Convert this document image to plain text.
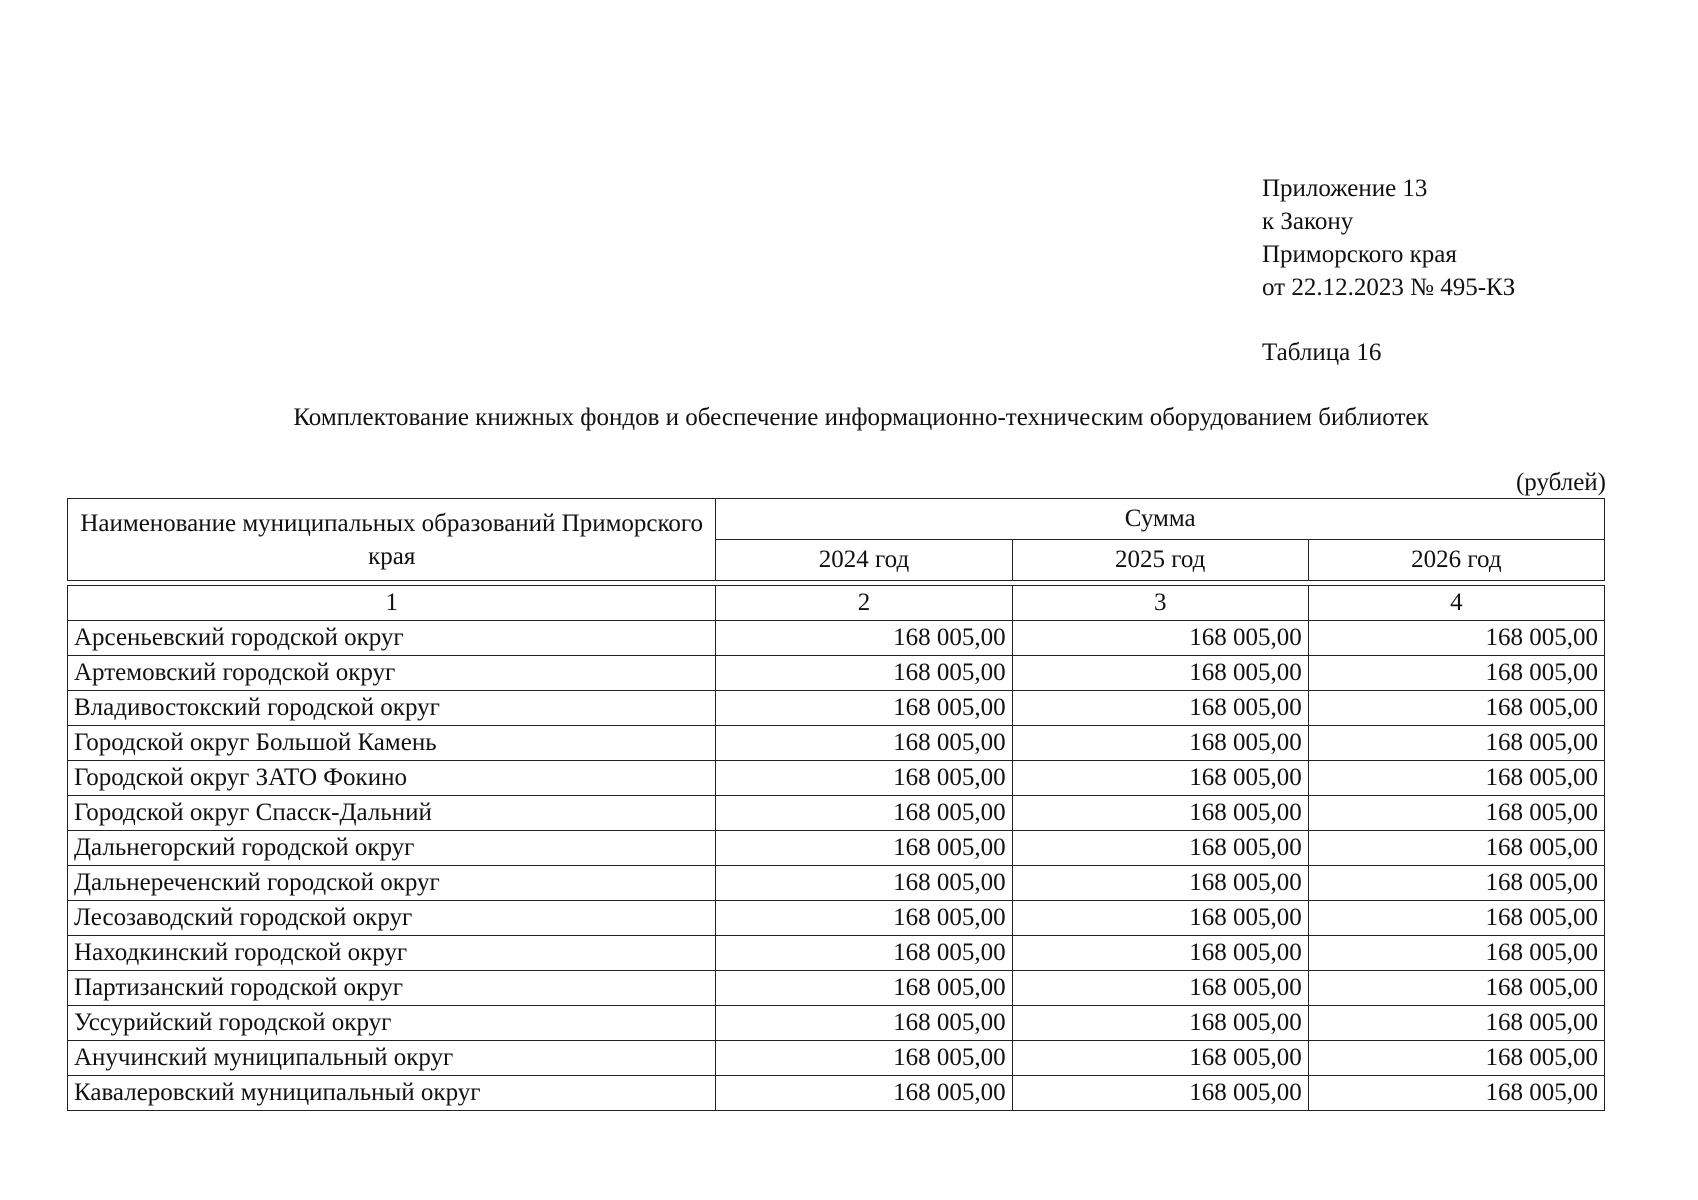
Приложение 13
к Закону
Приморского края
от 22.12.2023 № 495-КЗ
Таблица 16
Комплектование книжных фондов и обеспечение информационно-техническим оборудованием библиотек
(рублей)
Наименование муниципальных образований Приморского края	Сумма		
	2024 год	2025 год	2026 год
1	2	3	4
Арсеньевский городской округ	168 005,00	168 005,00	168 005,00
Артемовский городской округ	168 005,00	168 005,00	168 005,00
Владивостокский городской округ	168 005,00	168 005,00	168 005,00
Городской округ Большой Камень	168 005,00	168 005,00	168 005,00
Городской округ ЗАТО Фокино	168 005,00	168 005,00	168 005,00
Городской округ Спасск-Дальний	168 005,00	168 005,00	168 005,00
Дальнегорский городской округ	168 005,00	168 005,00	168 005,00
Дальнереченский городской округ	168 005,00	168 005,00	168 005,00
Лесозаводский городской округ	168 005,00	168 005,00	168 005,00
Находкинский городской округ	168 005,00	168 005,00	168 005,00
Партизанский городской округ	168 005,00	168 005,00	168 005,00
Уссурийский городской округ	168 005,00	168 005,00	168 005,00
Анучинский муниципальный округ	168 005,00	168 005,00	168 005,00
Кавалеровский муниципальный округ	168 005,00	168 005,00	168 005,00
